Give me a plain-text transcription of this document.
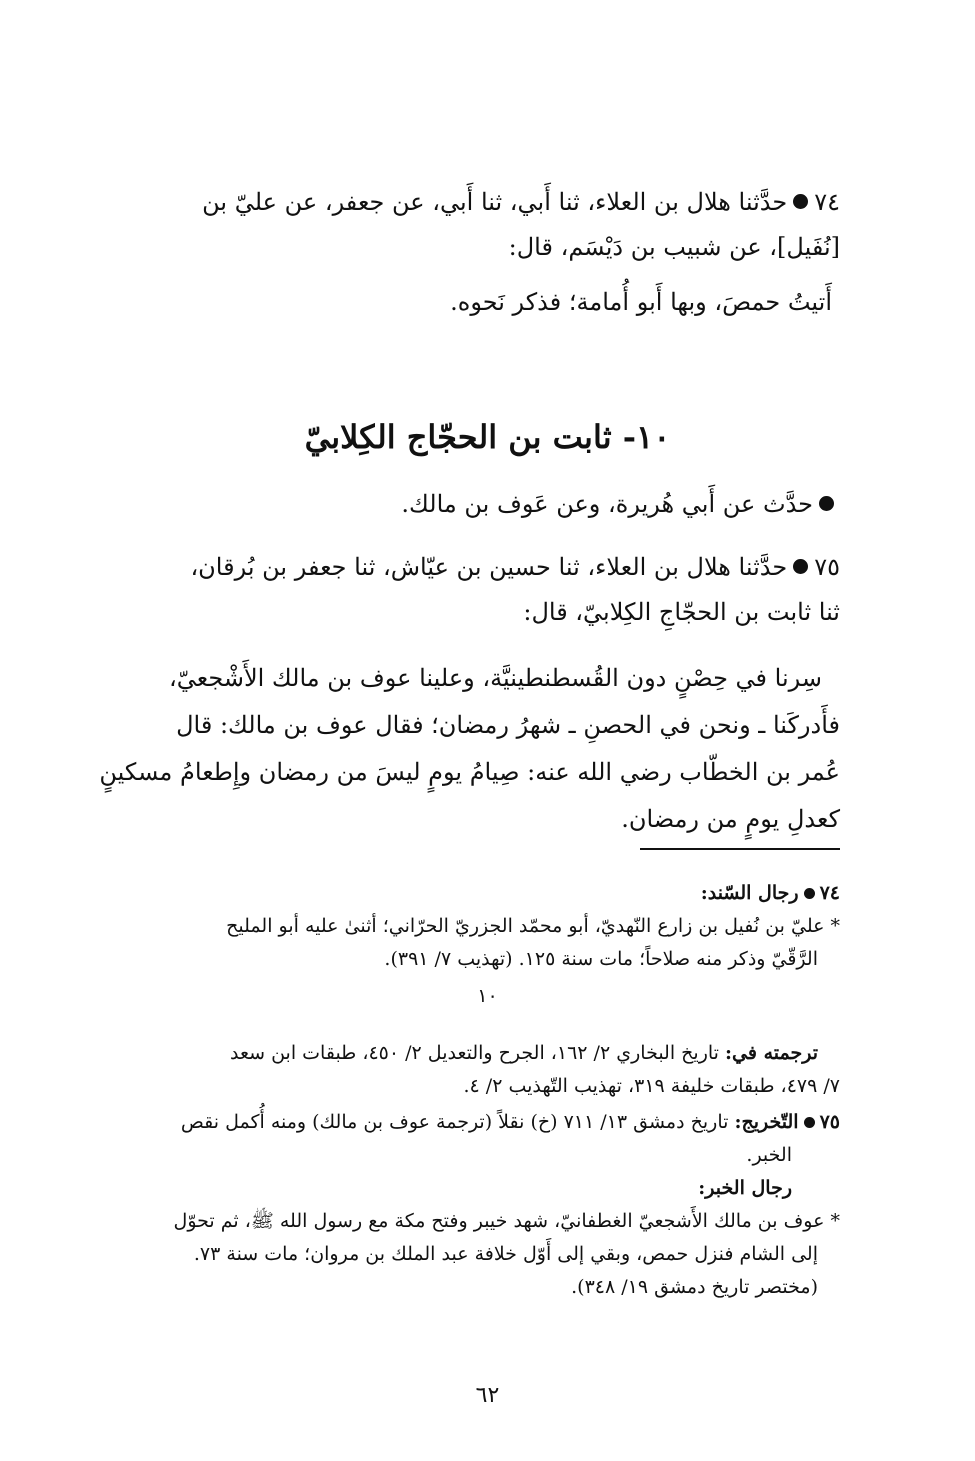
٧٤حدَّثنا هلال بن العلاء، ثنا أَبي، ثنا أَبي، عن جعفر، عن عليّ بن
[نُفَيل]، عن شبيب بن دَيْسَم، قال:
أَتيتُ حمصَ، وبها أَبو أُمامة؛ فذكر نَحوه.
١٠- ثابت بن الحجّاج الكِلابيّ
حدَّث عن أَبي هُريرة، وعن عَوف بن مالك.
٧٥حدَّثنا هلال بن العلاء، ثنا حسين بن عيّاش، ثنا جعفر بن بُرقان،
ثنا ثابت بن الحجّاجِ الكِلابيّ، قال:
سِرنا في حِصْنٍ دون القُسطنطينيَّة، وعلينا عوف بن مالك الأَشْجعيّ،
فأَدركَنا ـ ونحن في الحصنِ ـ شهرُ رمضان؛ فقال عوف بن مالك: قال
عُمر بن الخطّاب رضي الله عنه: صِيامُ يومٍ ليسَ من رمضان وإِطعامُ مسكينٍ
كعدلِ يومٍ من رمضان.
٧٤رجال السّند:
* عليّ بن نُفيل بن زارع النّهديّ، أبو محمّد الجزريّ الحرّاني؛ أثنىٰ عليه أبو المليح
الرَّقّيّ وذكر منه صلاحاً؛ مات سنة ١٢٥. (تهذيب ٧/ ٣٩١).
١٠
ترجمته في: تاريخ البخاري ٢/ ١٦٢، الجرح والتعديل ٢/ ٤٥٠، طبقات ابن سعد
٧/ ٤٧٩، طبقات خليفة ٣١٩، تهذيب التّهذيب ٢/ ٤.
٧٥التّخريج: تاريخ دمشق ١٣/ ٧١١ (خ) نقلاً (ترجمة عوف بن مالك) ومنه أُكمل نقص
الخبر.
رجال الخبر:
* عوف بن مالك الأَشجعيّ الغطفانيّ، شهد خيبر وفتح مكة مع رسول الله ﷺ، ثم تحوّل
إلى الشام فنزل حمص، وبقي إلى أَوّل خلافة عبد الملك بن مروان؛ مات سنة ٧٣.
(مختصر تاريخ دمشق ١٩/ ٣٤٨).
٦٢
